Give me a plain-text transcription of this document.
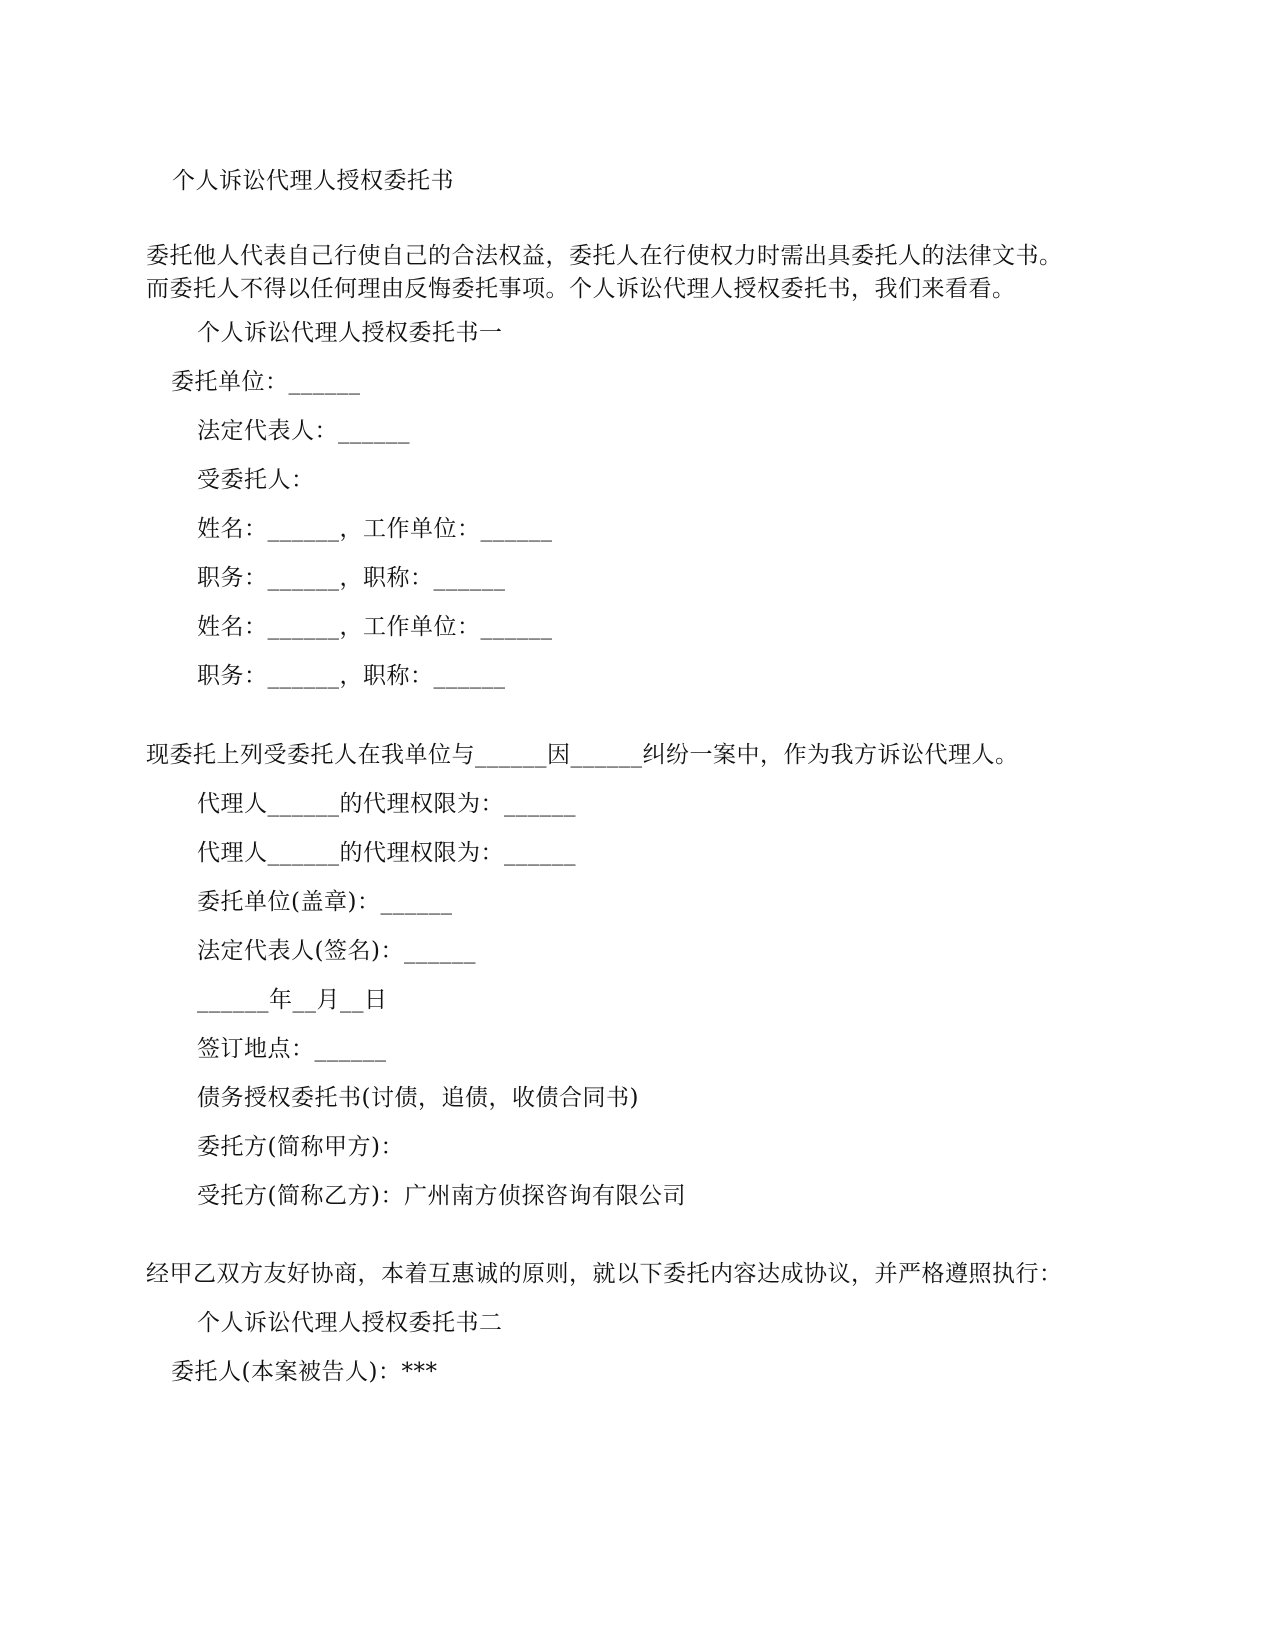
个人诉讼代理人授权委托书
委托他人代表自己行使自己的合法权益，委托人在行使权力时需出具委托人的法律文书。
而委托人不得以任何理由反悔委托事项。个人诉讼代理人授权委托书，我们来看看。
个人诉讼代理人授权委托书一
委托单位：______
法定代表人：______
受委托人：
姓名：______，工作单位：______
职务：______，职称：______
姓名：______，工作单位：______
职务：______，职称：______
现委托上列受委托人在我单位与______因______纠纷一案中，作为我方诉讼代理人。
代理人______的代理权限为：______
代理人______的代理权限为：______
委托单位(盖章)：______
法定代表人(签名)：______
______年__月__日
签订地点：______
债务授权委托书(讨债，追债，收债合同书)
委托方(简称甲方)：
受托方(简称乙方)：广州南方侦探咨询有限公司
经甲乙双方友好协商，本着互惠诚的原则，就以下委托内容达成协议，并严格遵照执行：
个人诉讼代理人授权委托书二
委托人(本案被告人)：***
